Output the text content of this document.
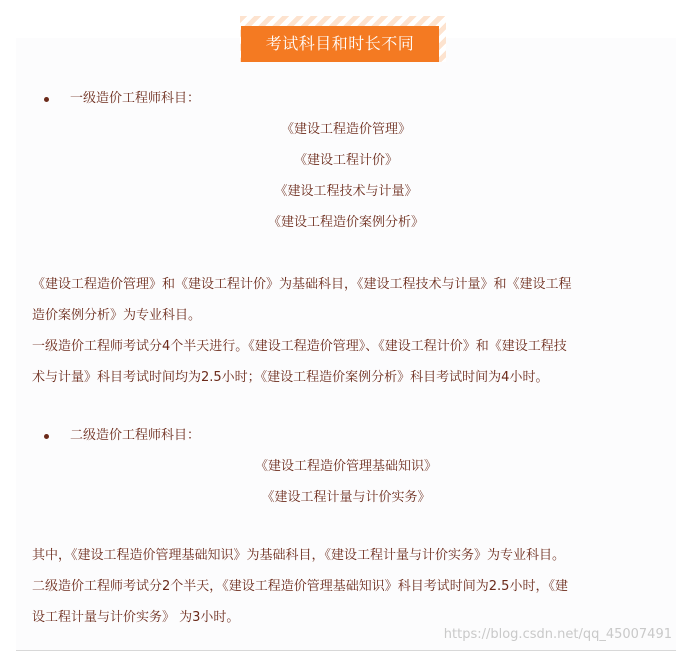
考试科目和时长不同
一级造价工程师科目：
《建设工程造价管理》
《建设工程计价》
《建设工程技术与计量》
《建设工程造价案例分析》
《建设工程造价管理》和《建设工程计价》为基础科目，《建设工程技术与计量》和《建设工程
造价案例分析》为专业科目。
一级造价工程师考试分4个半天进行。《建设工程造价管理》、《建设工程计价》和《建设工程技
术与计量》科目考试时间均为2.5小时；《建设工程造价案例分析》科目考试时间为4小时。
二级造价工程师科目：
《建设工程造价管理基础知识》
《建设工程计量与计价实务》
其中，《建设工程造价管理基础知识》为基础科目，《建设工程计量与计价实务》为专业科目。
二级造价工程师考试分2个半天，《建设工程造价管理基础知识》科目考试时间为2.5小时，《建
设工程计量与计价实务》 为3小时。
https://blog.csdn.net/qq_45007491
